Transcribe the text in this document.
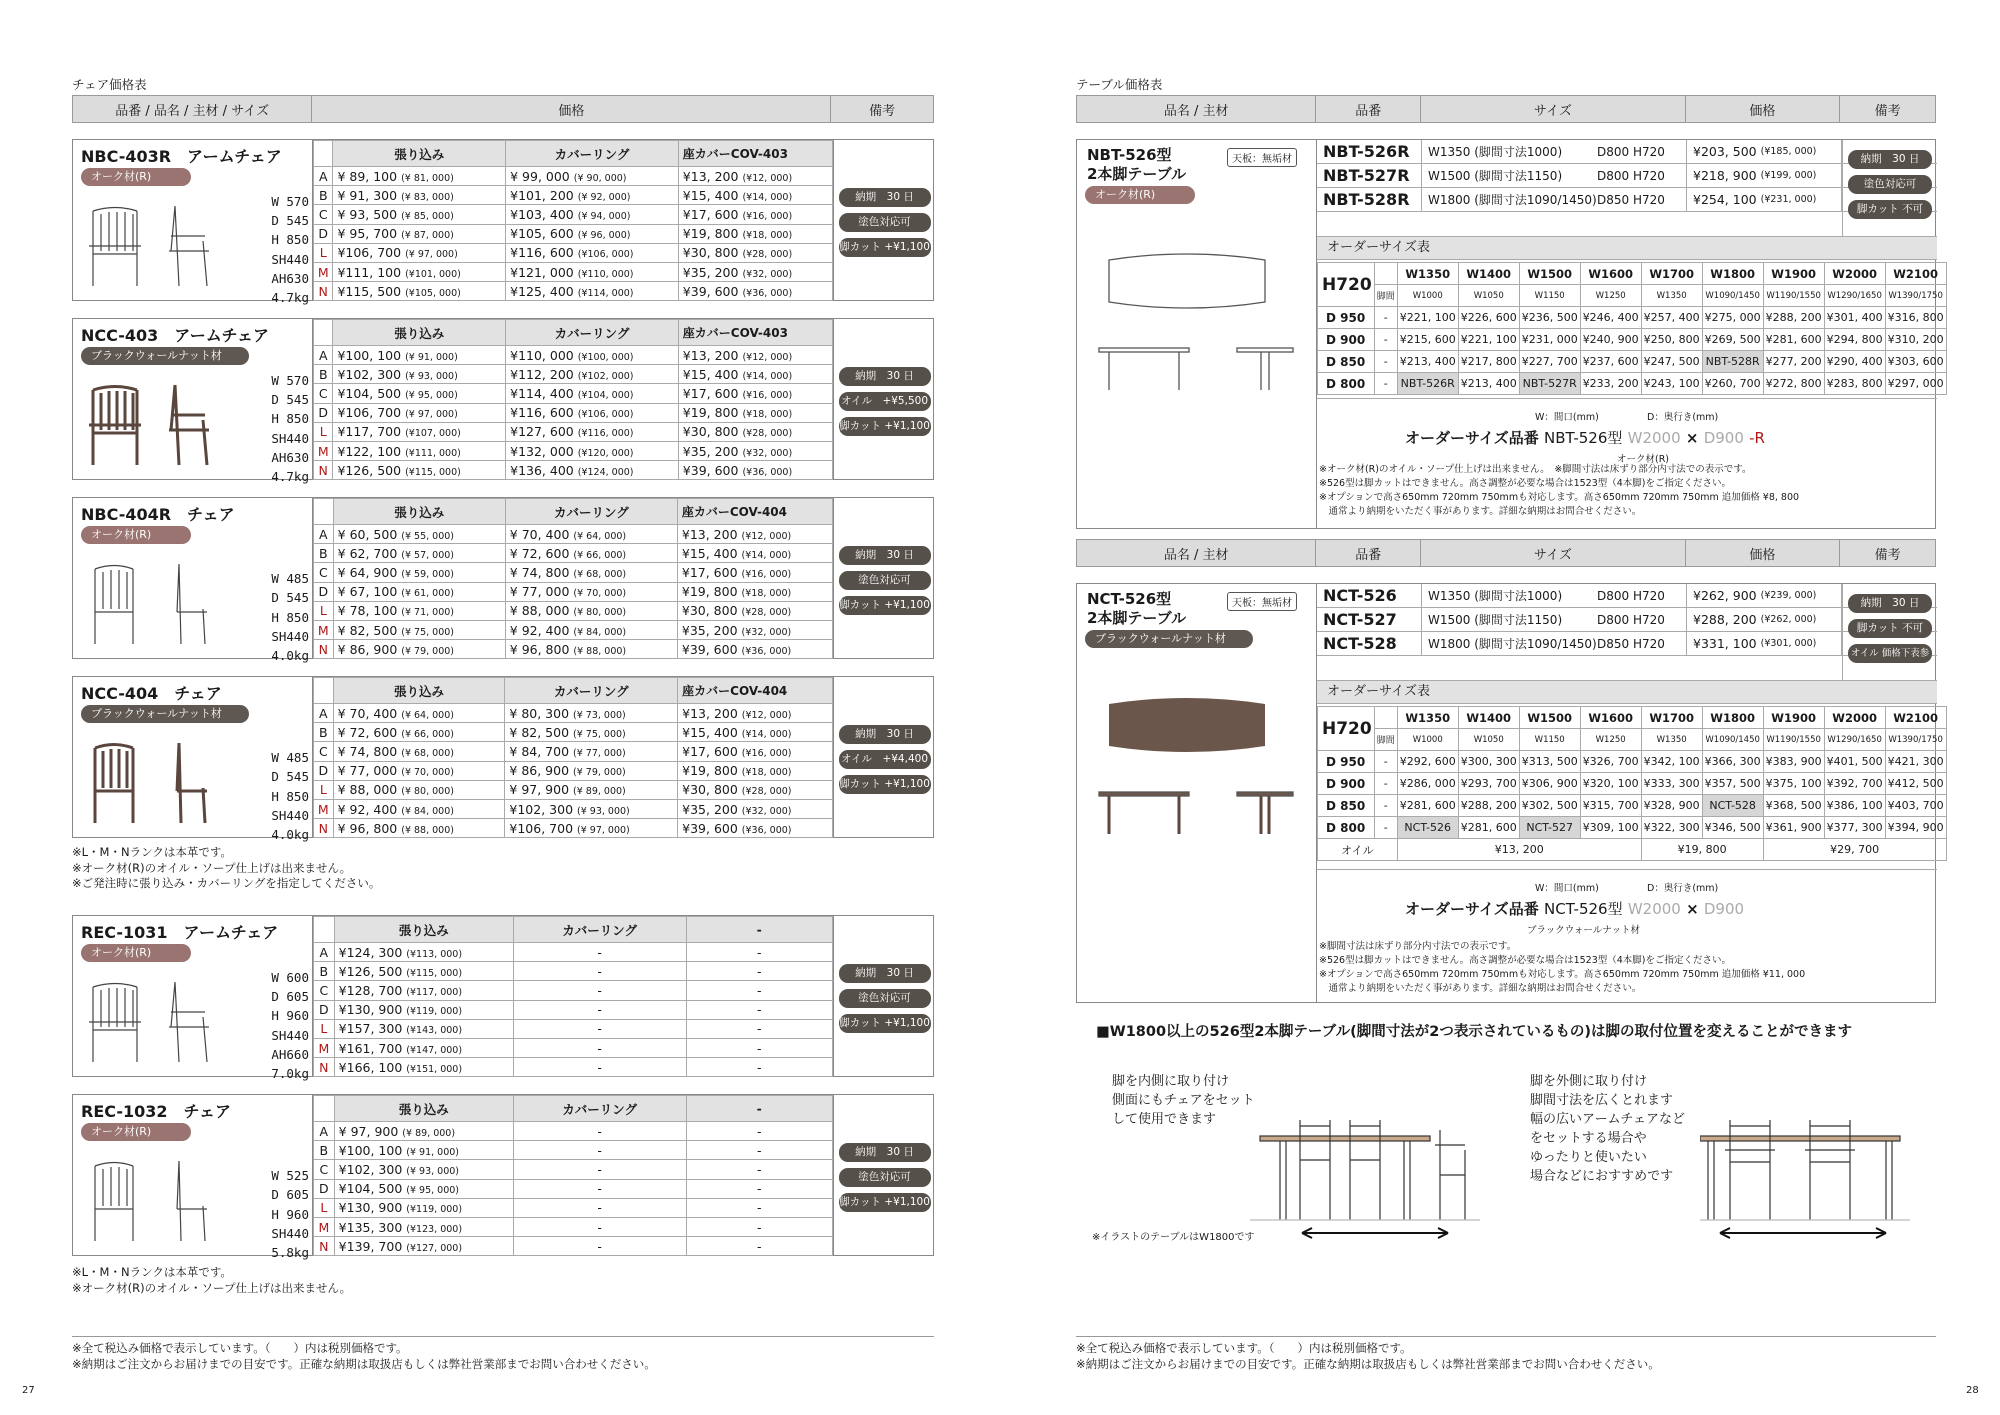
チェア価格表
品番 / 品名 / 主材 / サイズ	価格	備考
NBC-403R　アームチェア
オーク材(R)
W 570
D 545
H 850
SH440
AH630
4.7kg
	張り込み	カバーリング	座カバーCOV-403
A	¥ 89, 100 (¥ 81, 000)	¥ 99, 000 (¥ 90, 000)	¥13, 200 (¥12, 000)
B	¥ 91, 300 (¥ 83, 000)	¥101, 200 (¥ 92, 000)	¥15, 400 (¥14, 000)
C	¥ 93, 500 (¥ 85, 000)	¥103, 400 (¥ 94, 000)	¥17, 600 (¥16, 000)
D	¥ 95, 700 (¥ 87, 000)	¥105, 600 (¥ 96, 000)	¥19, 800 (¥18, 000)
L	¥106, 700 (¥ 97, 000)	¥116, 600 (¥106, 000)	¥30, 800 (¥28, 000)
M	¥111, 100 (¥101, 000)	¥121, 000 (¥110, 000)	¥35, 200 (¥32, 000)
N	¥115, 500 (¥105, 000)	¥125, 400 (¥114, 000)	¥39, 600 (¥36, 000)
納期　30 日
塗色対応可
脚カット +¥1,100
NCC-403　アームチェア
ブラックウォールナット材
W 570
D 545
H 850
SH440
AH630
4.7kg
	張り込み	カバーリング	座カバーCOV-403
A	¥100, 100 (¥ 91, 000)	¥110, 000 (¥100, 000)	¥13, 200 (¥12, 000)
B	¥102, 300 (¥ 93, 000)	¥112, 200 (¥102, 000)	¥15, 400 (¥14, 000)
C	¥104, 500 (¥ 95, 000)	¥114, 400 (¥104, 000)	¥17, 600 (¥16, 000)
D	¥106, 700 (¥ 97, 000)	¥116, 600 (¥106, 000)	¥19, 800 (¥18, 000)
L	¥117, 700 (¥107, 000)	¥127, 600 (¥116, 000)	¥30, 800 (¥28, 000)
M	¥122, 100 (¥111, 000)	¥132, 000 (¥120, 000)	¥35, 200 (¥32, 000)
N	¥126, 500 (¥115, 000)	¥136, 400 (¥124, 000)	¥39, 600 (¥36, 000)
納期　30 日
オイル　+¥5,500
脚カット +¥1,100
NBC-404R　チェア
オーク材(R)
W 485
D 545
H 850
SH440
4.0kg
	張り込み	カバーリング	座カバーCOV-404
A	¥ 60, 500 (¥ 55, 000)	¥ 70, 400 (¥ 64, 000)	¥13, 200 (¥12, 000)
B	¥ 62, 700 (¥ 57, 000)	¥ 72, 600 (¥ 66, 000)	¥15, 400 (¥14, 000)
C	¥ 64, 900 (¥ 59, 000)	¥ 74, 800 (¥ 68, 000)	¥17, 600 (¥16, 000)
D	¥ 67, 100 (¥ 61, 000)	¥ 77, 000 (¥ 70, 000)	¥19, 800 (¥18, 000)
L	¥ 78, 100 (¥ 71, 000)	¥ 88, 000 (¥ 80, 000)	¥30, 800 (¥28, 000)
M	¥ 82, 500 (¥ 75, 000)	¥ 92, 400 (¥ 84, 000)	¥35, 200 (¥32, 000)
N	¥ 86, 900 (¥ 79, 000)	¥ 96, 800 (¥ 88, 000)	¥39, 600 (¥36, 000)
納期　30 日
塗色対応可
脚カット +¥1,100
NCC-404　チェア
ブラックウォールナット材
W 485
D 545
H 850
SH440
4.0kg
	張り込み	カバーリング	座カバーCOV-404
A	¥ 70, 400 (¥ 64, 000)	¥ 80, 300 (¥ 73, 000)	¥13, 200 (¥12, 000)
B	¥ 72, 600 (¥ 66, 000)	¥ 82, 500 (¥ 75, 000)	¥15, 400 (¥14, 000)
C	¥ 74, 800 (¥ 68, 000)	¥ 84, 700 (¥ 77, 000)	¥17, 600 (¥16, 000)
D	¥ 77, 000 (¥ 70, 000)	¥ 86, 900 (¥ 79, 000)	¥19, 800 (¥18, 000)
L	¥ 88, 000 (¥ 80, 000)	¥ 97, 900 (¥ 89, 000)	¥30, 800 (¥28, 000)
M	¥ 92, 400 (¥ 84, 000)	¥102, 300 (¥ 93, 000)	¥35, 200 (¥32, 000)
N	¥ 96, 800 (¥ 88, 000)	¥106, 700 (¥ 97, 000)	¥39, 600 (¥36, 000)
納期　30 日
オイル　+¥4,400
脚カット +¥1,100
REC-1031　アームチェア
オーク材(R)
W 600
D 605
H 960
SH440
AH660
7.0kg
	張り込み	カバーリング	-
A	¥124, 300 (¥113, 000)	-	-
B	¥126, 500 (¥115, 000)	-	-
C	¥128, 700 (¥117, 000)	-	-
D	¥130, 900 (¥119, 000)	-	-
L	¥157, 300 (¥143, 000)	-	-
M	¥161, 700 (¥147, 000)	-	-
N	¥166, 100 (¥151, 000)	-	-
納期　30 日
塗色対応可
脚カット +¥1,100
REC-1032　チェア
オーク材(R)
W 525
D 605
H 960
SH440
5.8kg
	張り込み	カバーリング	-
A	¥ 97, 900 (¥ 89, 000)	-	-
B	¥100, 100 (¥ 91, 000)	-	-
C	¥102, 300 (¥ 93, 000)	-	-
D	¥104, 500 (¥ 95, 000)	-	-
L	¥130, 900 (¥119, 000)	-	-
M	¥135, 300 (¥123, 000)	-	-
N	¥139, 700 (¥127, 000)	-	-
納期　30 日
塗色対応可
脚カット +¥1,100
※L・M・Nランクは本革です。
※オーク材(R)のオイル・ソープ仕上げは出来ません。
※ご発注時に張り込み・カバーリングを指定してください。
※L・M・Nランクは本革です。
※オーク材(R)のオイル・ソープ仕上げは出来ません。
※全て税込み価格で表示しています。（　　）内は税別価格です。
※納期はご注文からお届けまでの目安です。正確な納期は取扱店もしくは弊社営業部までお問い合わせください。
27
テーブル価格表
品名 / 主材	品番	サイズ	価格	備考
品名 / 主材	品番	サイズ	価格	備考
NBT-526型
2本脚テーブル
天板：無垢材
オーク材(R)
NBT-526R	W1350 (脚間寸法1000)	D800 H720	¥203, 500
(¥185, 000)
NBT-527R	W1500 (脚間寸法1150)	D800 H720	¥218, 900
(¥199, 000)
NBT-528R	W1800 (脚間寸法1090/1450) D850 H720	¥254, 100
(¥231, 000)
納期　30 日
塗色対応可
脚カット 不可
オーダーサイズ表
H720		W1350	W1400	W1500	W1600	W1700	W1800	W1900	W2000	W2100
	脚間	W1000	W1050	W1150	W1250	W1350	W1090/1450	W1190/1550	W1290/1650	W1390/1750
D 950	-	¥221, 100	¥226, 600	¥236, 500	¥246, 400	¥257, 400	¥275, 000	¥288, 200	¥301, 400	¥316, 800
D 900	-	¥215, 600	¥221, 100	¥231, 000	¥240, 900	¥250, 800	¥269, 500	¥281, 600	¥294, 800	¥310, 200
D 850	-	¥213, 400	¥217, 800	¥227, 700	¥237, 600	¥247, 500	NBT-528R	¥277, 200	¥290, 400	¥303, 600
D 800	-	NBT-526R	¥213, 400	NBT-527R	¥233, 200	¥243, 100	¥260, 700	¥272, 800	¥283, 800	¥297, 000
W：間口(mm)	D：奥行き(mm)
オーダーサイズ品番 NBT-526型 W2000 × D900 -R
オーク材(R)
※オーク材(R)のオイル・ソープ仕上げは出来ません。　※脚間寸法は床ずり部分内寸法での表示です。
※526型は脚カットはできません。高さ調整が必要な場合は1523型（4本脚)をご指定ください。
※オプションで高さ650mm 720mm 750mmも対応します。高さ650mm 720mm 750mm 追加価格 ¥8, 800
　通常より納期をいただく事があります。詳細な納期はお問合せください。
NCT-526型
2本脚テーブル
天板：無垢材
ブラックウォールナット材
NCT-526	W1350 (脚間寸法1000)	D800 H720	¥262, 900
(¥239, 000)
NCT-527	W1500 (脚間寸法1150)	D800 H720	¥288, 200
(¥262, 000)
NCT-528	W1800 (脚間寸法1090/1450) D850 H720	¥331, 100
(¥301, 000)
納期　30 日
脚カット 不可
オイル 価格下表参照
オーダーサイズ表
H720		W1350	W1400	W1500	W1600	W1700	W1800	W1900	W2000	W2100
	脚間	W1000	W1050	W1150	W1250	W1350	W1090/1450	W1190/1550	W1290/1650	W1390/1750
D 950	-	¥292, 600	¥300, 300	¥313, 500	¥326, 700	¥342, 100	¥366, 300	¥383, 900	¥401, 500	¥421, 300
D 900	-	¥286, 000	¥293, 700	¥306, 900	¥320, 100	¥333, 300	¥357, 500	¥375, 100	¥392, 700	¥412, 500
D 850	-	¥281, 600	¥288, 200	¥302, 500	¥315, 700	¥328, 900	NCT-528	¥368, 500	¥386, 100	¥403, 700
D 800	-	NCT-526	¥281, 600	NCT-527	¥309, 100	¥322, 300	¥346, 500	¥361, 900	¥377, 300	¥394, 900
オイル		¥13, 200				¥19, 800		¥29, 700		
W：間口(mm)	D：奥行き(mm)
オーダーサイズ品番 NCT-526型 W2000 × D900
ブラックウォールナット材
※脚間寸法は床ずり部分内寸法での表示です。
※526型は脚カットはできません。高さ調整が必要な場合は1523型（4本脚)をご指定ください。
※オプションで高さ650mm 720mm 750mmも対応します。高さ650mm 720mm 750mm 追加価格 ¥11, 000
　通常より納期をいただく事があります。詳細な納期はお問合せください。
■W1800以上の526型2本脚テーブル(脚間寸法が2つ表示されているもの)は脚の取付位置を変えることができます
脚を内側に取り付け
側面にもチェアをセット
して使用できます
脚を外側に取り付け
脚間寸法を広くとれます
幅の広いアームチェアなど
をセットする場合や
ゆったりと使いたい
場合などにおすすめです
※イラストのテーブルはW1800です
※全て税込み価格で表示しています。（　　）内は税別価格です。
※納期はご注文からお届けまでの目安です。正確な納期は取扱店もしくは弊社営業部までお問い合わせください。
28
